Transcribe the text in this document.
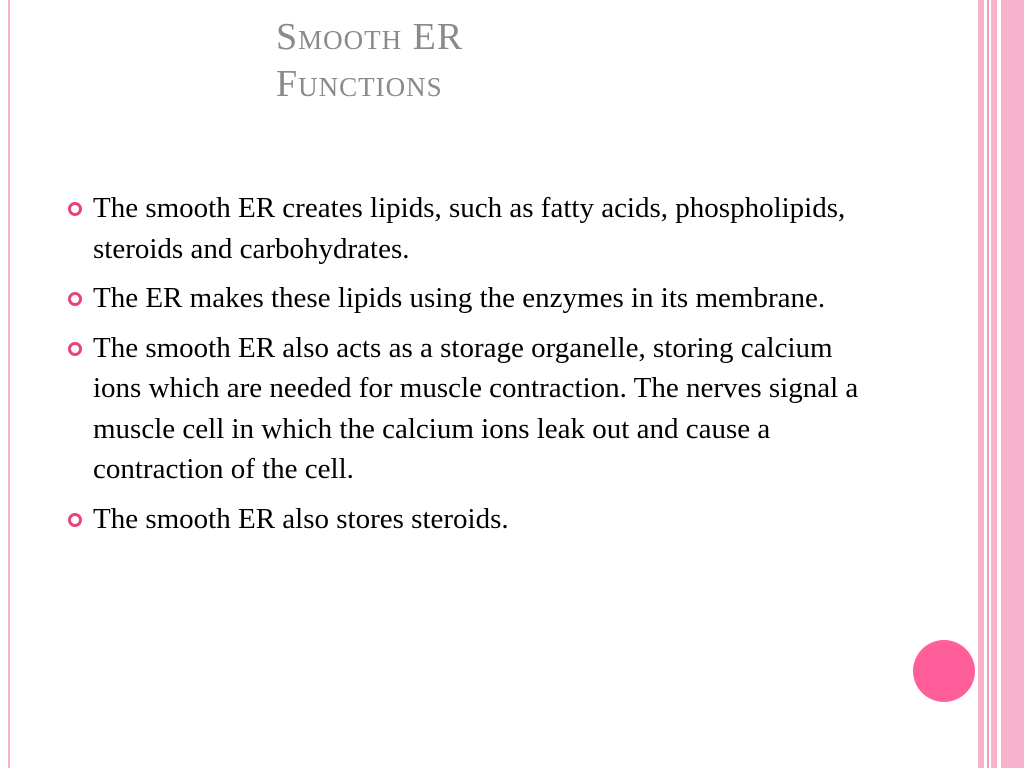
Smooth ER
Functions
The smooth ER creates lipids, such as fatty acids, phospholipids, steroids and carbohydrates.
The ER makes these lipids using the enzymes in its membrane.
The smooth ER also acts as a storage organelle, storing calcium ions which are needed for muscle contraction. The nerves signal a muscle cell in which the calcium ions leak out and cause a contraction of the cell.
The smooth ER also stores steroids.
